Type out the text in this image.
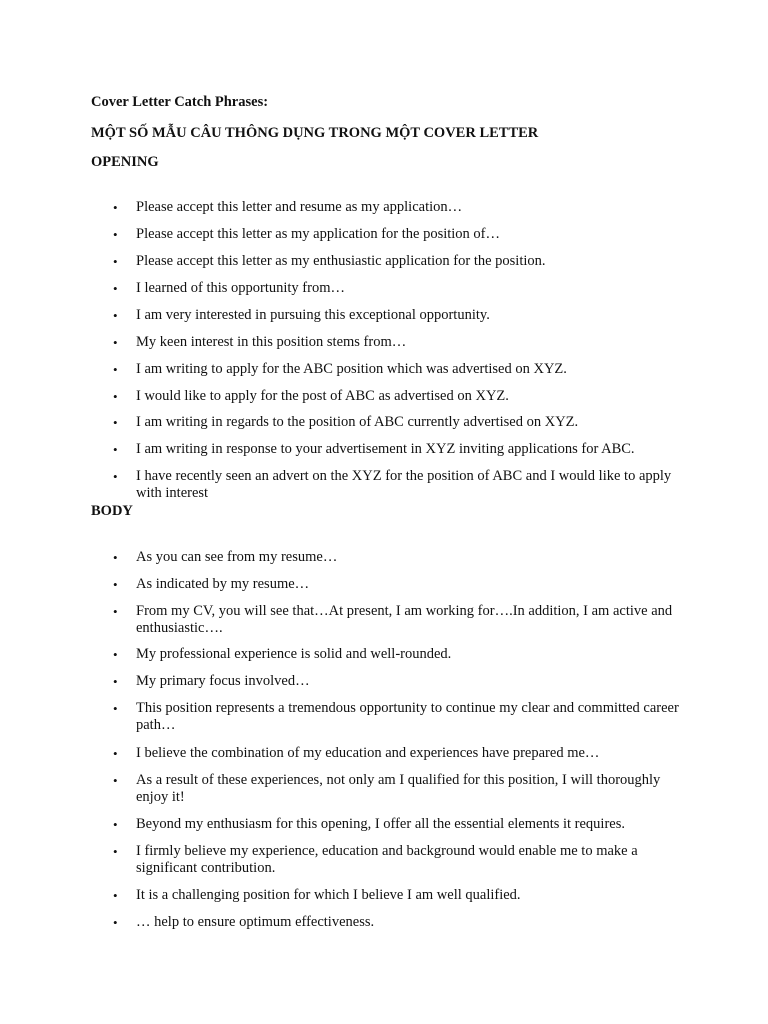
Cover Letter Catch Phrases:

MỘT SỐ MẪU CÂU THÔNG DỤNG TRONG MỘT COVER LETTER

OPENING

• Please accept this letter and resume as my application…
• Please accept this letter as my application for the position of…
• Please accept this letter as my enthusiastic application for the position.
• I learned of this opportunity from…
• I am very interested in pursuing this exceptional opportunity.
• My keen interest in this position stems from…
• I am writing to apply for the ABC position which was advertised on XYZ.
• I would like to apply for the post of ABC as advertised on XYZ.
• I am writing in regards to the position of ABC currently advertised on XYZ.
• I am writing in response to your advertisement in XYZ inviting applications for ABC.
• I have recently seen an advert on the XYZ for the position of ABC and I would like to apply with interest

BODY

• As you can see from my resume…
• As indicated by my resume…
• From my CV, you will see that…At present, I am working for….In addition, I am active and enthusiastic….
• My professional experience is solid and well-rounded.
• My primary focus involved…
• This position represents a tremendous opportunity to continue my clear and committed career path…
• I believe the combination of my education and experiences have prepared me…
• As a result of these experiences, not only am I qualified for this position, I will thoroughly enjoy it!
• Beyond my enthusiasm for this opening, I offer all the essential elements it requires.
• I firmly believe my experience, education and background would enable me to make a significant contribution.
• It is a challenging position for which I believe I am well qualified.
• … help to ensure optimum effectiveness.
